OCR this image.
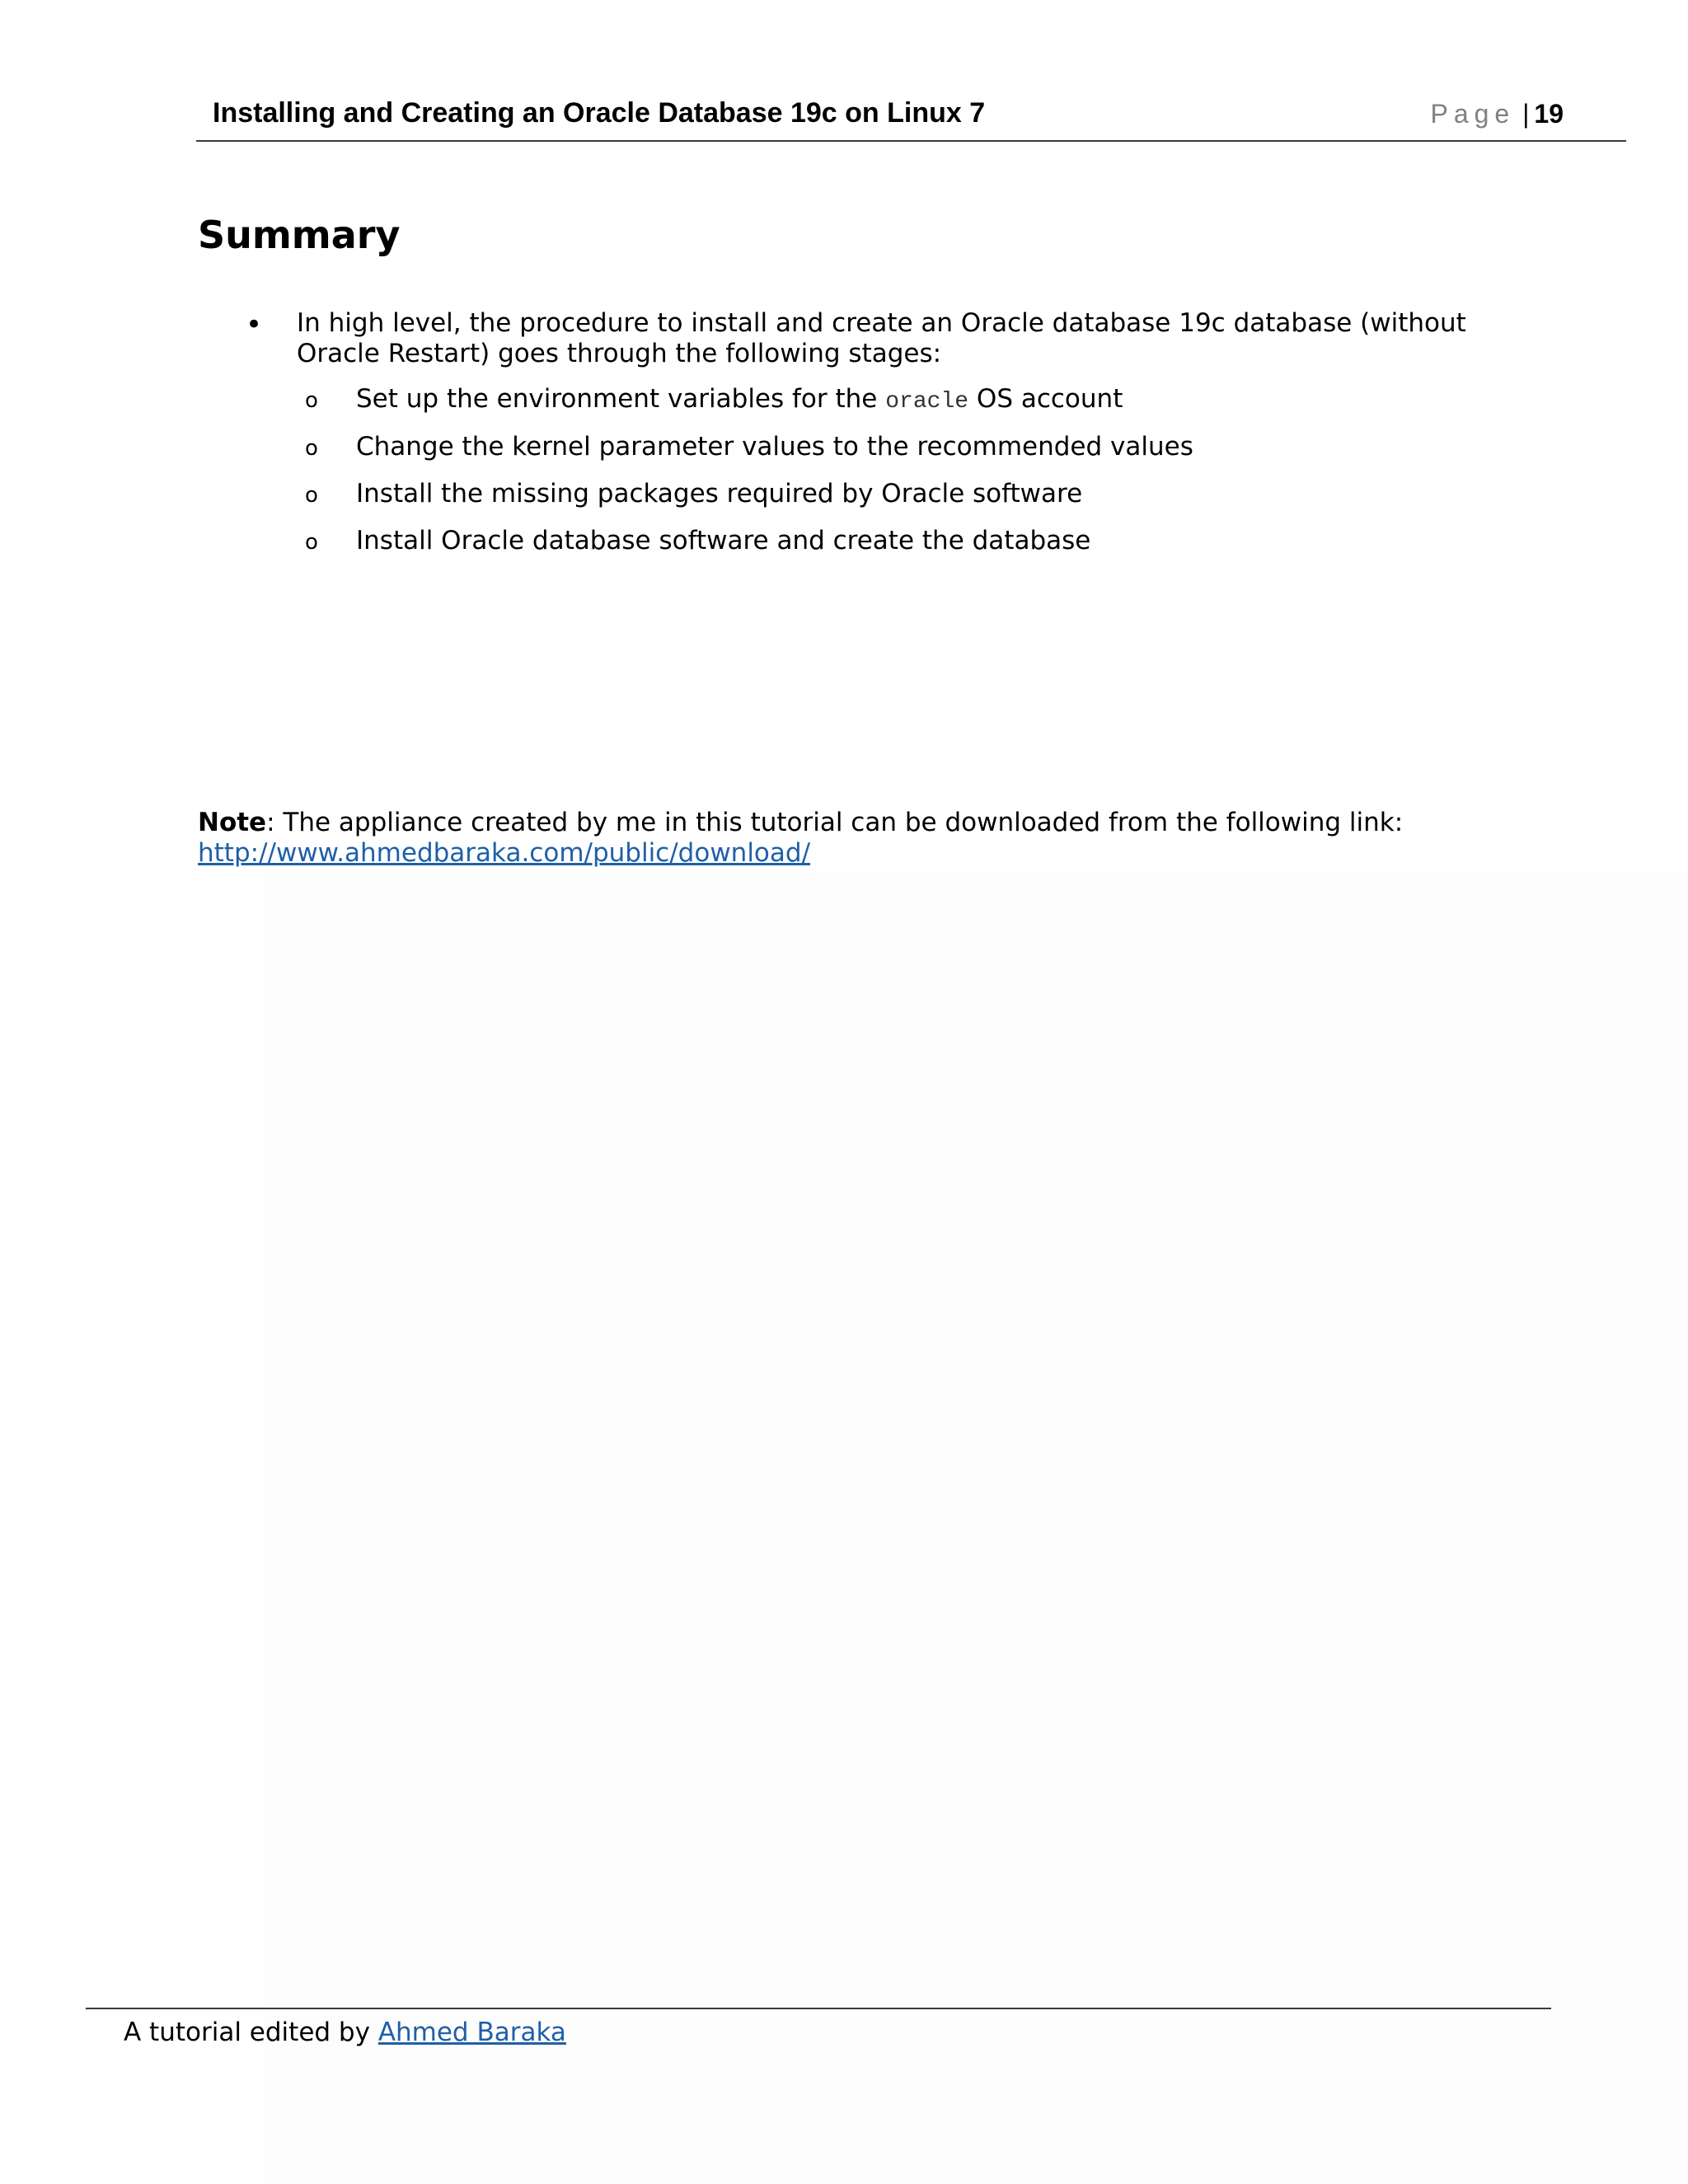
Installing and Creating an Oracle Database 19c on Linux 7	Page | 19
Summary
• In high level, the procedure to install and create an Oracle database 19c database (without Oracle Restart) goes through the following stages:
o Set up the environment variables for the oracle OS account
o Change the kernel parameter values to the recommended values
o Install the missing packages required by Oracle software
o Install Oracle database software and create the database
Note: The appliance created by me in this tutorial can be downloaded from the following link:
http://www.ahmedbaraka.com/public/download/
A tutorial edited by Ahmed Baraka
